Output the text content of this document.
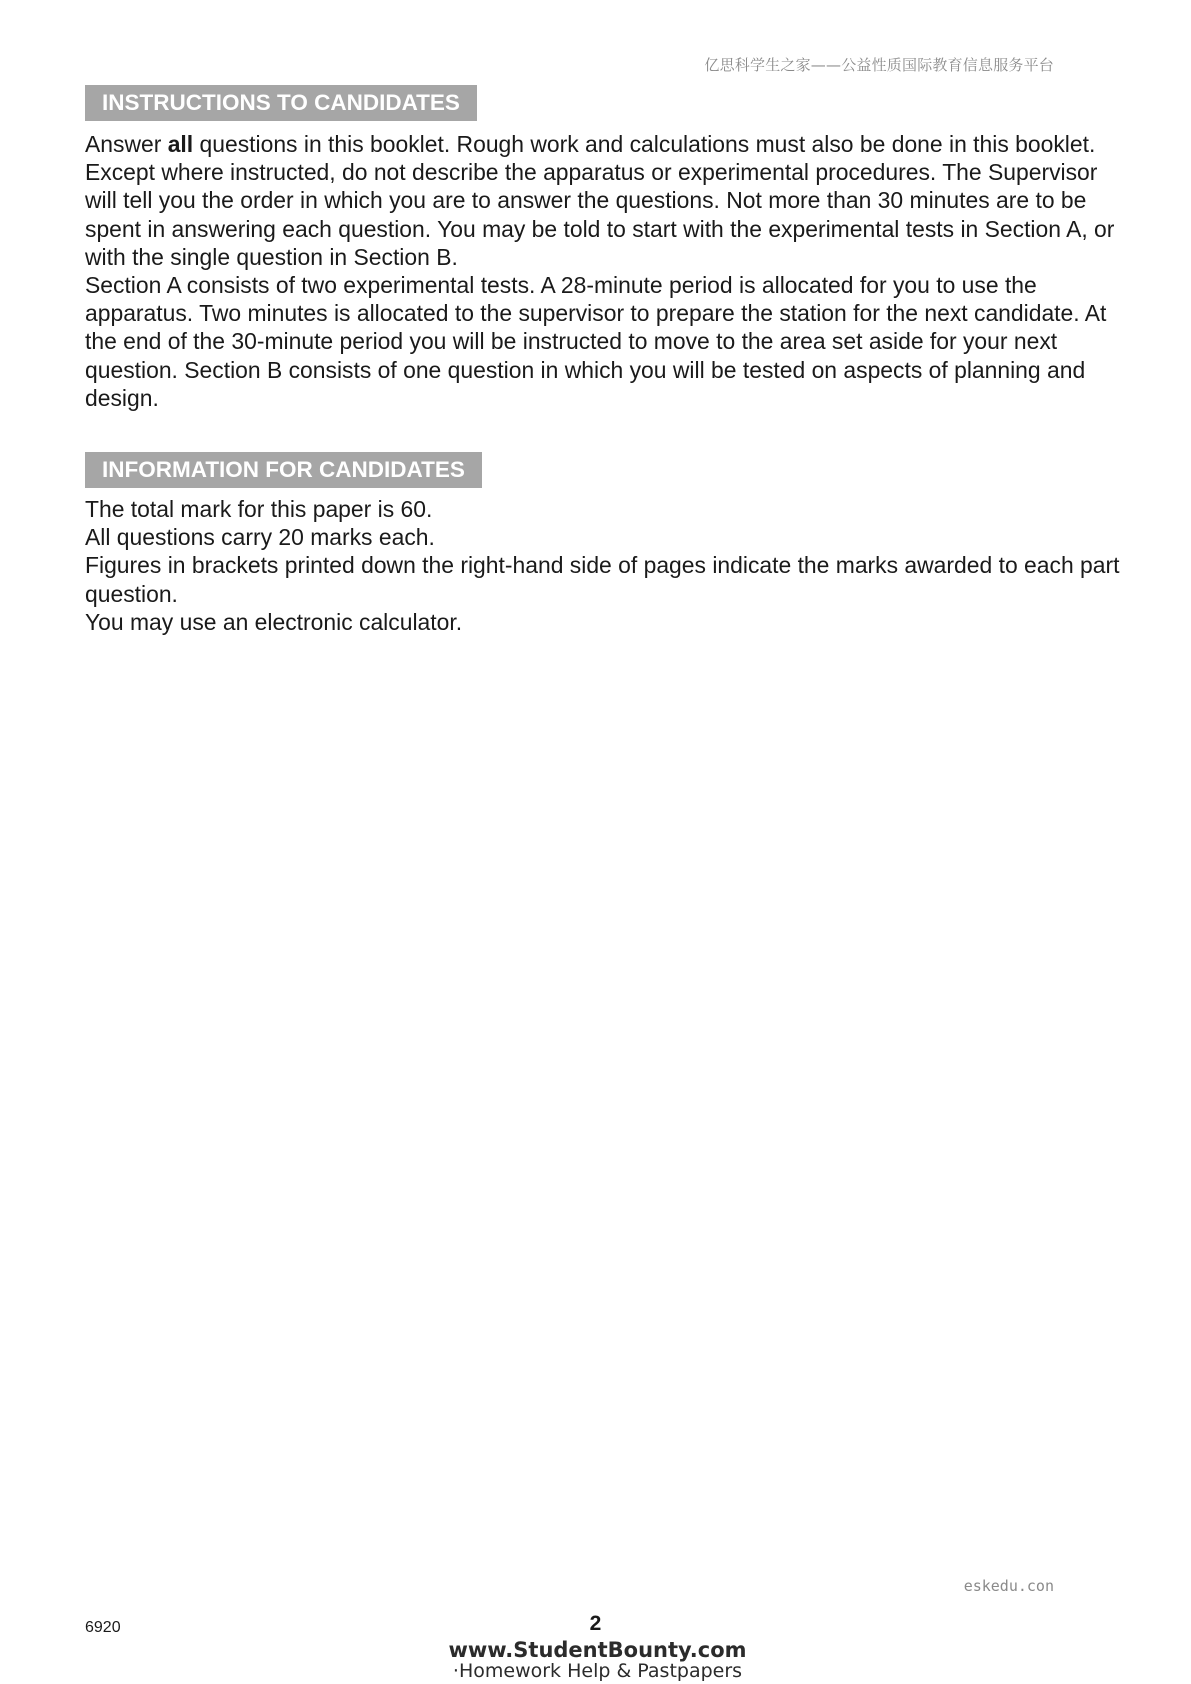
亿思科学生之家——公益性质国际教育信息服务平台
INSTRUCTIONS TO CANDIDATES

Answer all questions in this booklet. Rough work and calculations must also be done in this booklet. Except where instructed, do not describe the apparatus or experimental procedures. The Supervisor will tell you the order in which you are to answer the questions. Not more than 30 minutes are to be spent in answering each question. You may be told to start with the experimental tests in Section A, or with the single question in Section B.

Section A consists of two experimental tests. A 28-minute period is allocated for you to use the apparatus. Two minutes is allocated to the supervisor to prepare the station for the next candidate. At the end of the 30-minute period you will be instructed to move to the area set aside for your next question. Section B consists of one question in which you will be tested on aspects of planning and design.

INFORMATION FOR CANDIDATES

The total mark for this paper is 60.

All questions carry 20 marks each.

Figures in brackets printed down the right-hand side of pages indicate the marks awarded to each part question.

You may use an electronic calculator.

eskedu.con
6920	2
www.StudentBounty.com
·Homework Help & Pastpapers
